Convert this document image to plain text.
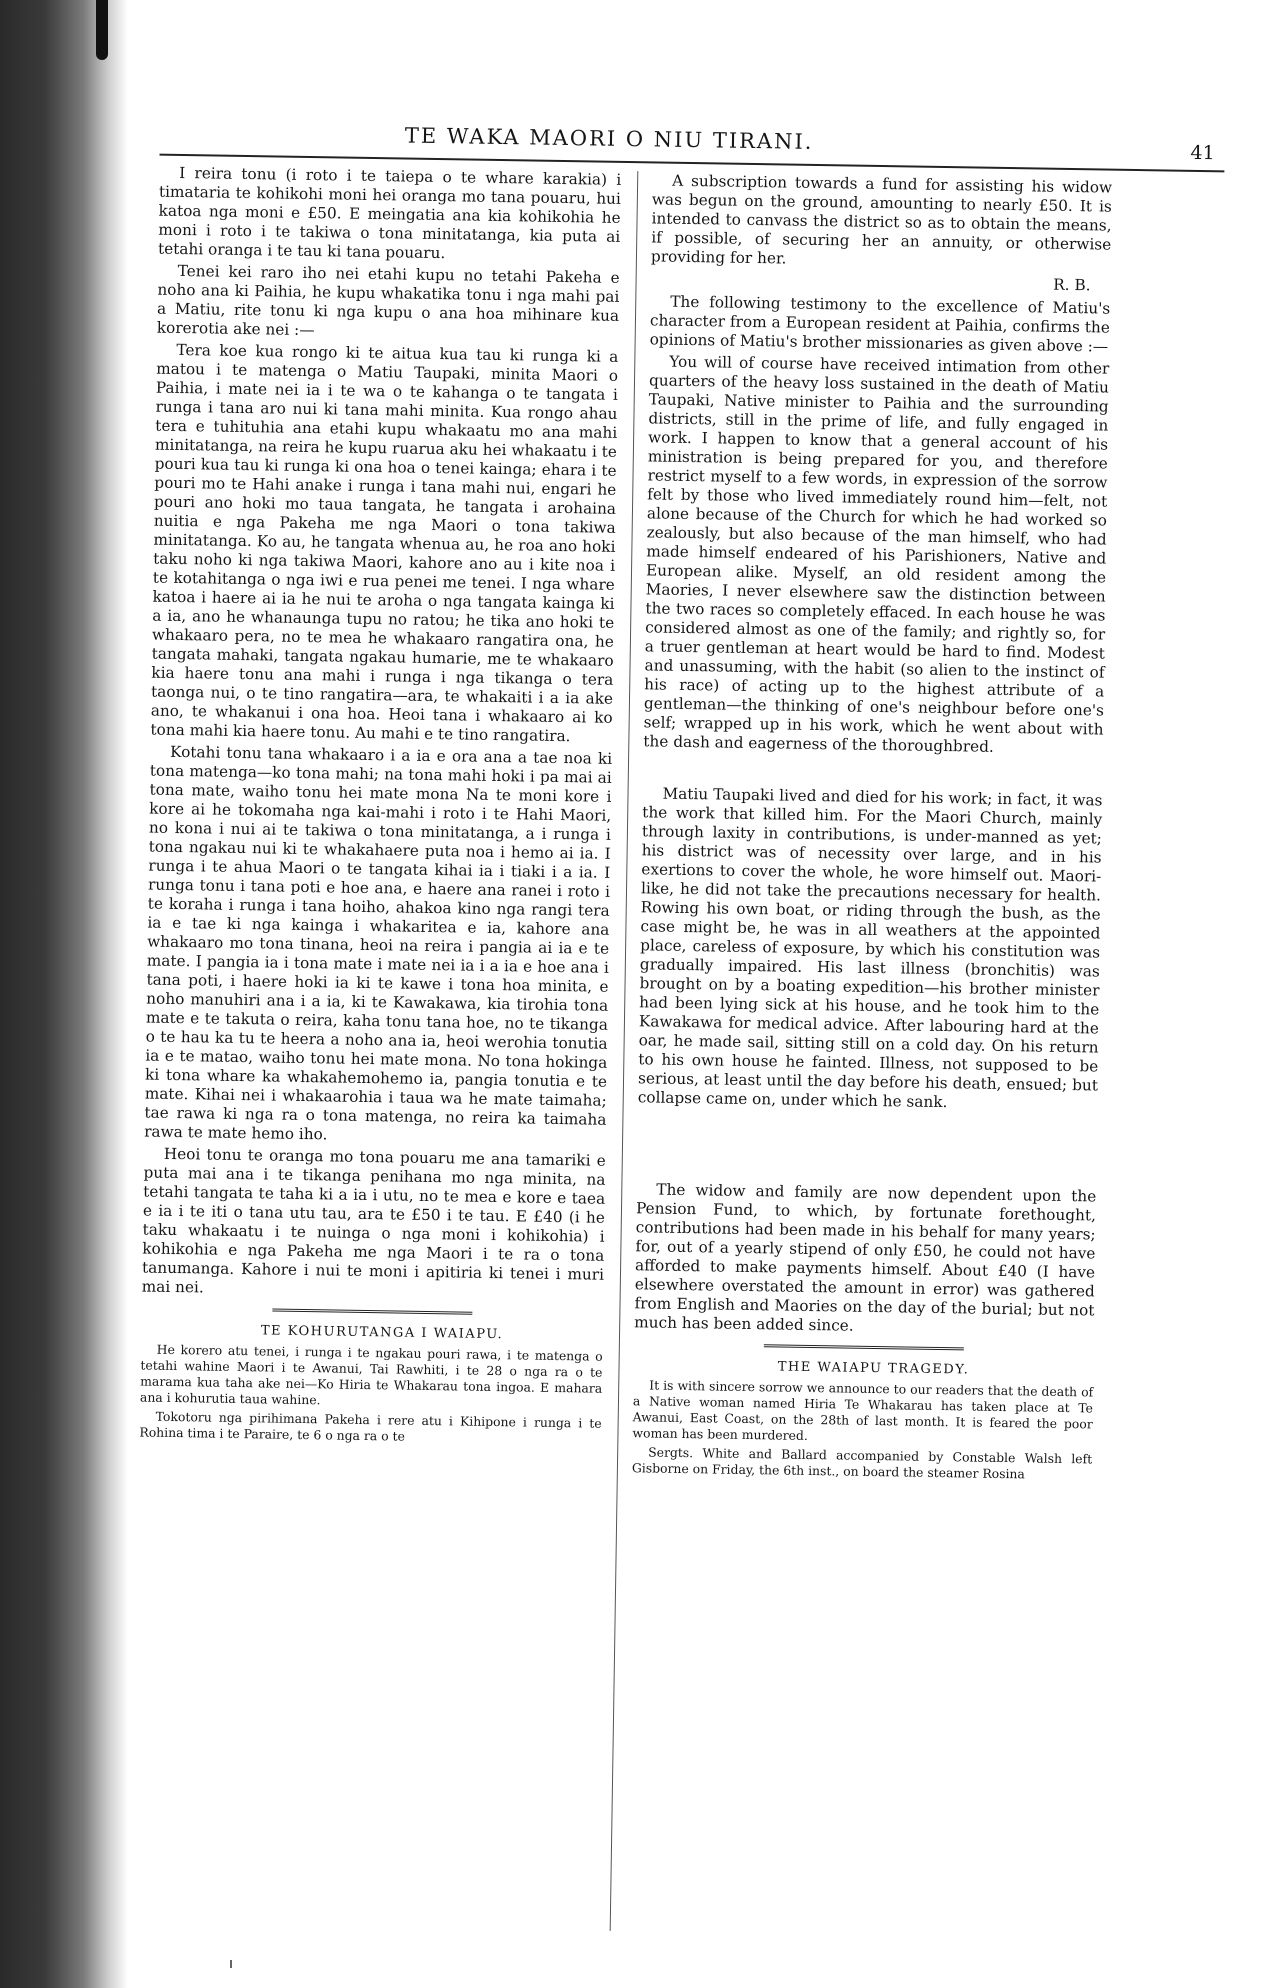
TE WAKA MAORI O NIU TIRANI.	41

I reira tonu (i roto i te taiepa o te whare karakia) i timataria te kohikohi moni hei oranga mo tana pouaru, hui katoa nga moni e £50. E meingatia ana kia kohikohia he moni i roto i te takiwa o tona minitatanga, kia puta ai tetahi oranga i te tau ki tana pouaru.

Tenei kei raro iho nei etahi kupu no tetahi Pakeha e noho ana ki Paihia, he kupu whakatika tonu i nga mahi pai a Matiu, rite tonu ki nga kupu o ana hoa mihinare kua korerotia ake nei :—

Tera koe kua rongo ki te aitua kua tau ki runga ki a matou i te matenga o Matiu Taupaki, minita Maori o Paihia, i mate nei ia i te wa o te kahanga o te tangata i runga i tana aro nui ki tana mahi minita. Kua rongo ahau tera e tuhituhia ana etahi kupu whakaatu mo ana mahi minitatanga, na reira he kupu ruarua aku hei whakaatu i te pouri kua tau ki runga ki ona hoa o tenei kainga; ehara i te pouri mo te Hahi anake i runga i tana mahi nui, engari he pouri ano hoki mo taua tangata, he tangata i arohaina nuitia e nga Pakeha me nga Maori o tona takiwa minitatanga. Ko au, he tangata whenua au, he roa ano hoki taku noho ki nga takiwa Maori, kahore ano au i kite noa i te kotahitanga o nga iwi e rua penei me tenei. I nga whare katoa i haere ai ia he nui te aroha o nga tangata kainga ki a ia, ano he whanaunga tupu no ratou; he tika ano hoki te whakaaro pera, no te mea he whakaaro rangatira ona, he tangata mahaki, tangata ngakau humarie, me te whakaaro kia haere tonu ana mahi i runga i nga tikanga o tera taonga nui, o te tino rangatira—ara, te whakaiti i a ia ake ano, te whakanui i ona hoa. Heoi tana i whakaaro ai ko tona mahi kia haere tonu. Au mahi e te tino rangatira.

Kotahi tonu tana whakaaro i a ia e ora ana a tae noa ki tona matenga—ko tona mahi; na tona mahi hoki i pa mai ai tona mate, waiho tonu hei mate mona Na te moni kore i kore ai he tokomaha nga kai-mahi i roto i te Hahi Maori, no kona i nui ai te takiwa o tona minitatanga, a i runga i tona ngakau nui ki te whakahaere puta noa i hemo ai ia. I runga i te ahua Maori o te tangata kihai ia i tiaki i a ia. I runga tonu i tana poti e hoe ana, e haere ana ranei i roto i te koraha i runga i tana hoiho, ahakoa kino nga rangi tera ia e tae ki nga kainga i whakaritea e ia, kahore ana whakaaro mo tona tinana, heoi na reira i pangia ai ia e te mate. I pangia ia i tona mate i mate nei ia i a ia e hoe ana i tana poti, i haere hoki ia ki te kawe i tona hoa minita, e noho manuhiri ana i a ia, ki te Kawakawa, kia tirohia tona mate e te takuta o reira, kaha tonu tana hoe, no te tikanga o te hau ka tu te heera a noho ana ia, heoi werohia tonutia ia e te matao, waiho tonu hei mate mona. No tona hokinga ki tona whare ka whakahemohemo ia, pangia tonutia e te mate. Kihai nei i whakaarohia i taua wa he mate taimaha; tae rawa ki nga ra o tona matenga, no reira ka taimaha rawa te mate hemo iho.

Heoi tonu te oranga mo tona pouaru me ana tamariki e puta mai ana i te tikanga penihana mo nga minita, na tetahi tangata te taha ki a ia i utu, no te mea e kore e taea e ia i te iti o tana utu tau, ara te £50 i te tau. E £40 (i he taku whakaatu i te nuinga o nga moni i kohikohia) i kohikohia e nga Pakeha me nga Maori i te ra o tona tanumanga. Kahore i nui te moni i apitiria ki tenei i muri mai nei.

TE KOHURUTANGA I WAIAPU.

He korero atu tenei, i runga i te ngakau pouri rawa, i te matenga o tetahi wahine Maori i te Awanui, Tai Rawhiti, i te 28 o nga ra o te marama kua taha ake nei—Ko Hiria te Whakarau tona ingoa. E mahara ana i kohurutia taua wahine.

Tokotoru nga pirihimana Pakeha i rere atu i Kihipone i runga i te Rohina tima i te Paraire, te 6 o nga ra o te

A subscription towards a fund for assisting his widow was begun on the ground, amounting to nearly £50. It is intended to canvass the district so as to obtain the means, if possible, of securing her an annuity, or otherwise providing for her.

R. B.

The following testimony to the excellence of Matiu's character from a European resident at Paihia, confirms the opinions of Matiu's brother missionaries as given above :—

You will of course have received intimation from other quarters of the heavy loss sustained in the death of Matiu Taupaki, Native minister to Paihia and the surrounding districts, still in the prime of life, and fully engaged in work. I happen to know that a general account of his ministration is being prepared for you, and therefore restrict myself to a few words, in expression of the sorrow felt by those who lived immediately round him—felt, not alone because of the Church for which he had worked so zealously, but also because of the man himself, who had made himself endeared of his Parishioners, Native and European alike. Myself, an old resident among the Maories, I never elsewhere saw the distinction between the two races so completely effaced. In each house he was considered almost as one of the family; and rightly so, for a truer gentleman at heart would be hard to find. Modest and unassuming, with the habit (so alien to the instinct of his race) of acting up to the highest attribute of a gentleman—the thinking of one's neighbour before one's self; wrapped up in his work, which he went about with the dash and eagerness of the thoroughbred.

Matiu Taupaki lived and died for his work; in fact, it was the work that killed him. For the Maori Church, mainly through laxity in contributions, is under-manned as yet; his district was of necessity over large, and in his exertions to cover the whole, he wore himself out. Maori-like, he did not take the precautions necessary for health. Rowing his own boat, or riding through the bush, as the case might be, he was in all weathers at the appointed place, careless of exposure, by which his constitution was gradually impaired. His last illness (bronchitis) was brought on by a boating expedition—his brother minister had been lying sick at his house, and he took him to the Kawakawa for medical advice. After labouring hard at the oar, he made sail, sitting still on a cold day. On his return to his own house he fainted. Illness, not supposed to be serious, at least until the day before his death, ensued; but collapse came on, under which he sank.

The widow and family are now dependent upon the Pension Fund, to which, by fortunate forethought, contributions had been made in his behalf for many years; for, out of a yearly stipend of only £50, he could not have afforded to make payments himself. About £40 (I have elsewhere overstated the amount in error) was gathered from English and Maories on the day of the burial; but not much has been added since.

THE WAIAPU TRAGEDY.

It is with sincere sorrow we announce to our readers that the death of a Native woman named Hiria Te Whakarau has taken place at Te Awanui, East Coast, on the 28th of last month. It is feared the poor woman has been murdered.

Sergts. White and Ballard accompanied by Constable Walsh left Gisborne on Friday, the 6th inst., on board the steamer Rosina
